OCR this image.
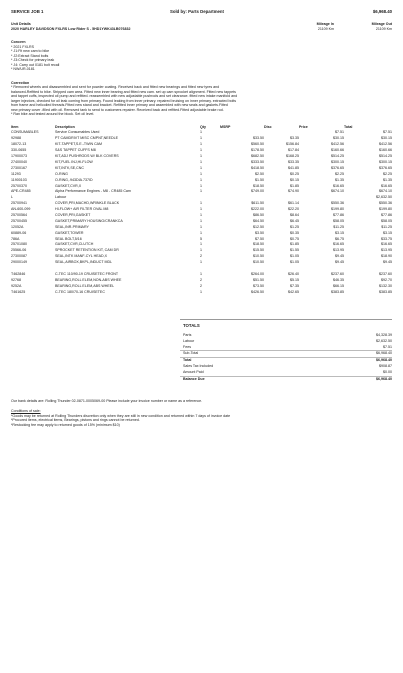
SERVICE JOB 1	Sold by: Parts Department	$6,968.40
Unit Details
2020 HARLEY DAVIDSON FXLRS Low Rider S - 5HD1YWK43LB076832
Mileage In
21109 Km
Mileage Out
21109 Km
Concern
* 2021 FXLRS
* J1:Fit new cam to bike
* J2:Extract Stand bolts
* J3:Check for primary leak
* J4: Carry out 0181 bolt recall
* NW/UR-0181
Correction
* Removed wheels and disassembled and sent for powder coating. Received back and fitted new bearings and fitted new tyres and
balanced-Refitted to bike. Stripped cam area. Fitted new inner bearing and fitted new cam. set up cam sprocket alignment. Fitted new tappets
and tappet cuffs, inspected oil pump and refitted. reassembled with new adjustable pushrods and set clearance. fitted new intake manifold and
larger injectors, checked for oil leak coming from primary. Found leaking from inner primary. repaired bruising on inner primary. extracted bolts
from frame and helicoiled threads.Fitted new stand and bracket. Refitted inner primary and assembled with new seals and gaskets.Fitted
new primary cover -filled with oil. Removed tank to send to customers repairer. Received back and refitted.Fitted adjustable brake rod.
* Ran bike and tested around the block. Set oil level.
Item	Description	Qty	MSRP	Disc	Price	Total
CONSUMABLES	Service Consumables Used	1			$7.51	$7.51
92988	PT CAMDRIVT MISC CMPNT,NEEDLE	1	$33.50	$3.35	$30.15	$30.15
18072-13	KIT-TAPPET,S.E.-TWIN CAM	1	$560.50	$156.84	$412.56	$412.56
330-0655	S&S TAPPET CUFFS M8	1	$178.50	$17.84	$160.66	$160.66
17900073	KIT,ADJ PUSHRODS W/ BLK COVERS	1	$682.50	$168.25	$514.25	$514.25
27400040	KIT,FUEL INJ,HI-FLOW	1	$333.50	$33.35	$300.15	$300.15
27300167	KIT,INTK,SE,CNC	1	$418.50	$41.85	$376.65	$376.65
11293	O-RING	1	$2.50	$0.25	$2.25	$2.25
11900103	O-RING,.943DIA.737ID	1	$1.50	$0.15	$1.35	$1.35
25700370	GASKET,CVR,X	1	$18.50	$1.85	$16.65	$16.65
APE-CR485	Alpha Performance Engines - M8 - CR485 Cam	1	$749.00	$74.90	$674.10	$674.10
L	Labour					$2,632.50
25700941	COVER,PRI,MACHD,WRINKLE BLACK	1	$611.50	$61.14	$550.36	$550.36
AN-600-099	HI-FLOW+ AIR FILTER OVAL M8	1	$222.00	$22.20	$199.80	$199.80
25700564	COVER,PRI,GASKET	1	$86.50	$8.64	$77.86	$77.86
25700455	GASKET,PRIMARY HOUSING/CRANKCA	1	$64.50	$6.45	$58.05	$58.05
12052A	SEAL,INR-PRIMARY	1	$12.50	$1.25	$11.25	$11.25
60889-06	GASKET,TOWER	1	$3.50	$0.35	$3.15	$3.15
786A	SEAL BOLT,5/16	5	$7.50	$0.75	$6.75	$33.75
25701080	GASKET,CVR,CLUTCH	1	$18.50	$1.85	$16.65	$16.65
25566-06	SPROCKET RETENTION KIT, CAM DR	1	$15.50	$1.55	$13.95	$13.95
27300087	SEAL,INTK MANF-CYL HEAD,X	2	$10.50	$1.05	$9.45	$18.90
29000149	SEAL,AIRBOX,BKPL,INDUCT MDL	1	$10.50	$1.05	$9.45	$9.45

T462846	C-TEC 110/90-19 CRUISETEC FRONT	1	$264.00	$26.40	$237.60	$237.60
92768	BEARING,ROLL ELEM,NON-ABS WHEE	2	$51.50	$5.15	$46.35	$92.70
9252A	BEARING,ROLL ELEM,ABS WHEEL	2	$73.50	$7.35	$66.15	$132.30
T461625	C-TEC 180/70-16 CRUISETEC	1	$426.50	$42.65	$383.85	$383.85
TOTALS
Parts	$4,328.39
Labour	$2,632.50
Fees	$7.51
Sub-Total	$6,968.40
Total	$6,968.40
Sales Tax Included	$908.87
Amount Paid	$0.00
Balance Due	$6,968.40
Our bank details are: Rolling Thunder 02-0871-0005069-00 Please include your invoice number or name as a reference.
Conditions of sale:
*Goods may be returned at Rolling Thunders discretion only when they are still in new condition and returned within 7 days of invoice date
*Procured items, electrical items, Bearings, pistons and rings cannot be returned.
*Restocking fee may apply to returned goods of 15% (minimum $10)
